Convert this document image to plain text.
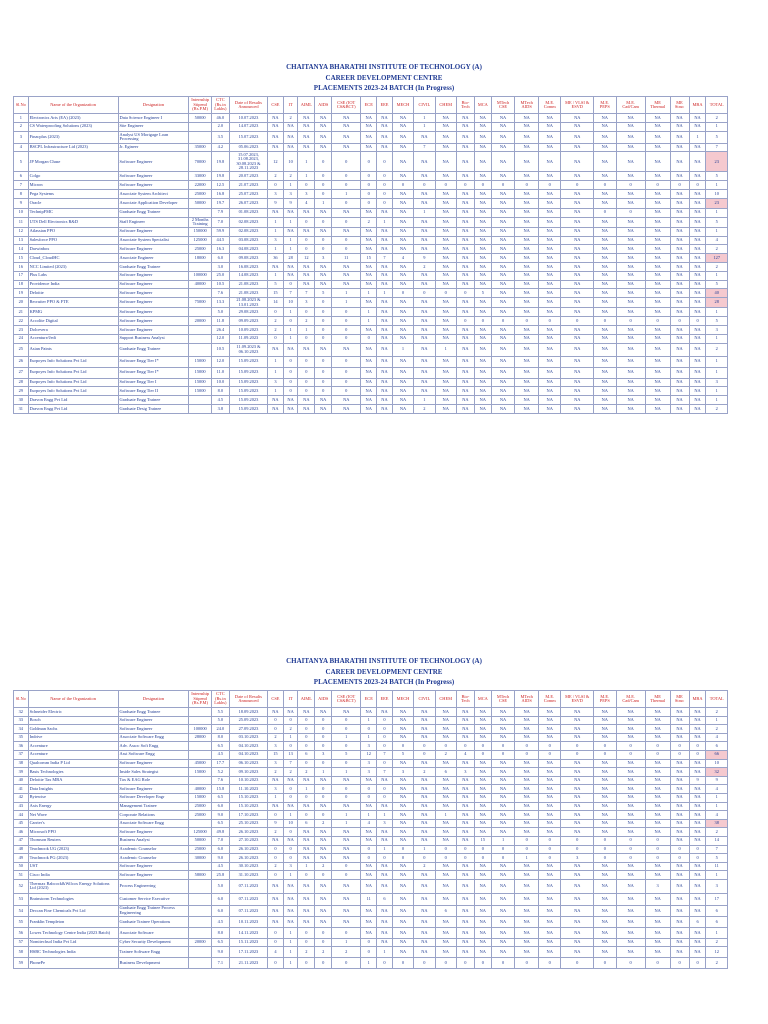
CHAITANYA BHARATHI INSTITUTE OF TECHNOLOGY (A)
CAREER DEVELOPMENT CENTRE
PLACEMENTS 2023-24 BATCH (In Progress)
Sl.No	Name of the Organization	Designation	Internship Stipend (Rs.P.M)	CTC (Rs.in Lakhs)	Date of Results Announced	CSE	IT	AIML	AIDS	CSE (IOT CS&BCT)	ECE	EEE	MECH	CIVIL	CHEM	Bio-Tech	MCA	MTech CSE	MTech AIDS	M.E. Comm	ME / VLSI & ESVD	M.E. PEPS	M.E. Cad/Cam	ME Thermal	ME Struc	MBA	TOTAL
1	Electronics Arts (EA) (2023)	Data Science Engineer I	50000	46.0	10.07.2023	NA	2	NA	NA	NA	NA	NA	NA	1	NA	NA	NA	NA	NA	NA	NA	NA	NA	NA	NA	NA	2
2	CS Waterproofing Solutions (2023)	Site Engineer		2.0	14.07.2023	NA	NA	NA	NA	NA	NA	NA	NA	1	NA	NA	NA	NA	NA	NA	NA	NA	NA	NA	NA	NA	1
3	Finacplus (2023)	Analyst US Mortgage Loan Processing		3.5	15.07.2023	NA	NA	NA	NA	NA	NA	NA	NA	NA	NA	NA	NA	NA	NA	NA	NA	NA	NA	NA	NA	1	5
4	BSCPL Infrastructure Ltd (2023)	Jr. Egineer	35000	4.2	05.06.2023	NA	NA	NA	NA	NA	NA	NA	NA	7	NA	NA	NA	NA	NA	NA	NA	NA	NA	NA	NA	NA	7
5	JP Morgan Chase	Software Engineer	70000	19.8	15.07.2023, 31.08.2023, 30.08.2023 & 28.11.2023	12	10	1	0	0	0	0	NA	NA	NA	NA	NA	NA	NA	NA	NA	NA	NA	NA	NA	NA	23
6	Colgo	Software Engineer	33000	19.8	20.07.2023	2	2	1	0	0	0	0	NA	NA	NA	NA	NA	NA	NA	NA	NA	NA	NA	NA	NA	NA	5
7	Micron	Software Engineer	22000	12.5	21.07.2023	0	1	0	0	0	0	0	0	0	0	0	0	0	0	0	0	0	0	0	0	0	1
8	Pega Systems	Associate System Architect	25000	16.8	25.07.2023	3	3	3	0	1	0	0	NA	NA	NA	NA	NA	NA	NA	NA	NA	NA	NA	NA	NA	NA	10
9	Oracle	Associate Application Developer	50000	19.7	26.07.2023	9	9	4	1	0	0	0	NA	NA	NA	NA	NA	NA	NA	NA	NA	NA	NA	NA	NA	NA	23
10	TechnipFMC	Graduate Engg Trainee		7.9	01.08.2023	NA	NA	NA	NA	NA	NA	NA	NA	1	NA	NA	NA	NA	NA	NA	NA	0	0	NA	NA	NA	1
11	UTS Dell Electronics R&D	Staff Engineer	2 Months Training	7.0	02.08.2023	1	1	0	0	0	2	1	NA	NA	NA	NA	NA	NA	NA	NA	NA	NA	NA	NA	NA	NA	5
12	Atlassian PPO	Software Engineer	150000	59.9	02.08.2023	1	NA	NA	NA	NA	NA	NA	NA	NA	NA	NA	NA	NA	NA	NA	NA	NA	NA	NA	NA	NA	1
13	Salesforce PPO	Associate System Specialist	125000	44.5	03.08.2023	3	1	0	0	0	NA	NA	NA	NA	NA	NA	NA	NA	NA	NA	NA	NA	NA	NA	NA	NA	4
14	Darwinbox	Software Engineer	25000	16.3	04.08.2023	1	1	0	0	0	NA	NA	NA	NA	NA	NA	NA	NA	NA	NA	NA	NA	NA	NA	NA	NA	2
15	Cloud_CloudHC	Associate Engineer	18000	6.0	09.08.2023	36	28	12	3	11	15	7	4	9	NA	NA	NA	NA	NA	NA	NA	NA	NA	NA	NA	NA	127
16	NCC Limited (2023)	Graduate Engg Trainee		3.0	16.08.2023	NA	NA	NA	NA	NA	NA	NA	NA	2	NA	NA	NA	NA	NA	NA	NA	NA	NA	NA	NA	NA	2
17	Plus Labs	Software Engineer	100000	25.0	14.08.2023	1	NA	NA	NA	NA	NA	NA	NA	NA	NA	NA	NA	NA	NA	NA	NA	NA	NA	NA	NA	NA	1
18	Providence India	Software Engineer	40000	10.5	21.08.2023	5	0	NA	NA	NA	NA	NA	NA	NA	NA	NA	NA	NA	NA	NA	NA	NA	NA	NA	NA	NA	5
19	Deloitte	Software Engineer		7.6	21.08.2023	15	7	7	5	1	1	1	0	0	0	0	5	NA	NA	NA	NA	NA	NA	NA	NA	NA	40
20	Recruiter PPO & FTE	Software Engineer	75000	13.3	21.08.2023 & 13.01.2023	14	10	3	0	1	NA	NA	NA	NA	NA	NA	NA	NA	NA	NA	NA	NA	NA	NA	NA	NA	28
21	KPMG	Software Engineer		5.0	29.08.2023	0	1	0	0	0	1	NA	NA	NA	NA	NA	NA	NA	NA	NA	NA	NA	NA	NA	NA	NA	1
22	Accolite Digital	Software Engineer	20000	11.8	09.09.2023	2	0	2	0	0	1	NA	NA	NA	NA	0	0	0	0	0	0	0	0	0	0	0	5
23	Dolcevera	Software Engineer		26.4	10.09.2023	2	1	1	0	0	NA	NA	NA	NA	NA	NA	NA	NA	NA	NA	NA	NA	NA	NA	NA	NA	3
24	Accenture/Jedi	Support Business Analyst		12.0	11.09.2023	0	1	0	0	0	0	NA	NA	NA	NA	NA	NA	NA	NA	NA	NA	NA	NA	NA	NA	NA	1
25	Asian Paints	Graduate Engg Trainee		10.5	11.09.2023 & 06.10.2023	NA	NA	NA	NA	NA	NA	NA	1	NA	1	NA	NA	NA	NA	NA	NA	NA	NA	NA	NA	NA	2
26	Eurpoyes Info Solutions Pvt Ltd	Software Engg Tier I*	15000	12.0	15.09.2023	1	0	0	0	0	NA	NA	NA	NA	NA	NA	NA	NA	NA	NA	NA	NA	NA	NA	NA	NA	1
27	Eurpoyes Info Solutions Pvt Ltd	Software Engg Tier I*	15000	11.0	15.09.2023	1	0	0	0	0	NA	NA	NA	NA	NA	NA	NA	NA	NA	NA	NA	NA	NA	NA	NA	NA	1
28	Eurpoyes Info Solutions Pvt Ltd	Software Engg Tier I	15000	10.0	15.09.2023	3	0	0	0	0	NA	NA	NA	NA	NA	NA	NA	NA	NA	NA	NA	NA	NA	NA	NA	NA	3
29	Eurpoyes Info Solutions Pvt Ltd	Software Engg Tier II	15000	8.0	15.09.2023	1	0	0	0	0	NA	NA	NA	NA	NA	NA	NA	NA	NA	NA	NA	NA	NA	NA	NA	NA	1
30	Dravon Engg Pvt Ltd	Graduate Engg Trainee		4.5	15.09.2023	NA	NA	NA	NA	NA	NA	NA	NA	1	NA	NA	NA	NA	NA	NA	NA	NA	NA	NA	NA	NA	1
31	Dravon Engg Pvt Ltd	Graduate Desig Trainee		3.8	15.09.2023	NA	NA	NA	NA	NA	NA	NA	NA	2	NA	NA	NA	NA	NA	NA	NA	NA	NA	NA	NA	NA	2
CHAITANYA BHARATHI INSTITUTE OF TECHNOLOGY (A)
CAREER DEVELOPMENT CENTRE
PLACEMENTS 2023-24 BATCH (In Progress)
Sl.No	Name of the Organization	Designation	Internship Stipend (Rs.P.M)	CTC (Rs.in Lakhs)	Date of Results Announced	CSE	IT	AIML	AIDS	CSE (IOT CS&BCT)	ECE	EEE	MECH	CIVIL	CHEM	Bio-Tech	MCA	MTech CSE	MTech AIDS	M.E. Comm	ME / VLSI & ESVD	M.E. PEPS	M.E. Cad/Cam	ME Thermal	ME Struc	MBA	TOTAL
32	Schneider Electric	Graduate Engg Trainee		5.5	18.09.2023	NA	NA	NA	NA	NA	NA	NA	NA	NA	NA	NA	NA	NA	NA	NA	NA	NA	NA	NA	NA	NA	2
33	Bosch	Software Engineer		5.0	25.09.2023	0	0	0	0	0	1	0	NA	NA	NA	NA	NA	NA	NA	NA	NA	NA	NA	NA	NA	NA	1
34	Goldman Sachs	Software Engineer	100000	24.0	27.09.2023	0	2	0	0	0	0	0	NA	NA	NA	NA	NA	NA	NA	NA	NA	NA	NA	NA	NA	NA	2
35	Indrive	Associate Software Engg	28000	8.0	03.10.2023	2	1	0	0	1	1	0	NA	NA	NA	NA	NA	NA	NA	NA	NA	NA	NA	NA	NA	NA	4
36	Accenture	Adv. Assoc Soft Engg		6.5	04.10.2023	3	0	0	0	0	3	0	0	0	0	0	0	0	0	0	0	0	0	0	0	0	6
37	Accenture	Asst Software Engg		4.5	04.10.2023	15	13	6	3	5	12	7	5	0	2	4	0	0	0	0	0	0	0	0	0	0	66
38	Qualcomm India P Ltd	Software Engineer	45000	17.7	06.10.2023	3	7	0	0	0	3	0	NA	NA	NA	NA	NA	NA	NA	NA	NA	NA	NA	NA	NA	NA	10
39	Basis Technologies	Inside Sales Strategist	15000	5.2	09.10.2023	2	2	2	1	1	3	7	3	2	6	3	NA	NA	NA	NA	NA	NA	NA	NA	NA	NA	32
40	Deloitte Tax MBA	Tax & EAG Role		7.6	10.10.2023	NA	NA	NA	NA	NA	NA	NA	NA	NA	NA	NA	NA	NA	NA	NA	NA	NA	NA	NA	NA	9	9
41	Data Insights	Software Engineer	40000	15.8	11.10.2023	3	0	1	0	0	0	0	NA	NA	NA	NA	NA	NA	NA	NA	NA	NA	NA	NA	NA	NA	4
42	Bytewise	Software Developer Engr	15000	6.5	15.10.2023	1	0	0	0	0	0	0	NA	NA	NA	NA	NA	NA	NA	NA	NA	NA	NA	NA	NA	NA	1
43	Axis Energy	Management Trainee	25000	6.0	15.10.2023	NA	NA	NA	NA	NA	NA	NA	NA	NA	NA	NA	NA	NA	NA	NA	NA	NA	NA	NA	NA	NA	1
44	Net Wave	Corporate Relations	25000	9.0	17.10.2023	0	1	0	0	1	1	1	NA	NA	1	NA	NA	NA	NA	NA	NA	NA	NA	NA	NA	NA	4
45	Carrier's	Associate Software Engg		6.5	25.10.2023	9	10	6	2	1	4	3	NA	NA	NA	NA	NA	NA	NA	NA	NA	NA	NA	NA	NA	NA	38
46	Microsoft PPO	Software Engineer	125000	49.8	26.10.2023	2	0	NA	NA	NA	NA	NA	NA	NA	NA	NA	NA	NA	NA	NA	NA	NA	NA	NA	NA	NA	2
47	Thomson Reuters	Business Analyst	50000	7.0	27.10.2023	NA	NA	NA	NA	NA	NA	NA	NA	NA	NA	NA	15	1	0	0	0	0	0	0	NA	NA	14
48	Teachnook UG (2023)	Academic Counselor	25000	6.0	26.10.2023	0	0	NA	NA	NA	0	1	0	1	0	0	0	0	0	0	0	0	0	0	0	0	7
49	Teachnook PG (2023)	Academic Counselor	30000	9.0	26.10.2023	0	0	NA	NA	NA	0	0	0	0	0	0	0	0	1	0	3	0	0	0	0	0	5
50	UST	Software Engineer		4.5	30.10.2023	2	3	1	2	0	NA	NA	NA	2	NA	NA	NA	NA	NA	NA	NA	NA	NA	NA	NA	NA	11
51	Cisco India	Software Engineer	58000	25.8	31.10.2023	0	1	0	0	0	NA	NA	NA	NA	NA	NA	NA	NA	NA	NA	NA	NA	NA	NA	NA	NA	1
52	Thermax Babcock&Wilcox Energy Solutions Ltd (2023)	Process Engineering		5.0	07.11.2023	NA	NA	NA	NA	NA	NA	NA	NA	NA	NA	NA	NA	NA	NA	NA	NA	NA	NA	3	NA	NA	3
53	Brainstorm Technologies	Customer Service Executive		6.0	07.11.2023	NA	NA	NA	NA	NA	11	6	NA	NA	NA	NA	NA	NA	NA	NA	NA	NA	NA	NA	NA	NA	17
54	Deccan Fine Chemicals Pvt Ltd	Graduate Engg Trainee Process Engineering		6.0	07.11.2023	NA	NA	NA	NA	NA	NA	NA	NA	NA	6	NA	NA	NA	NA	NA	NA	NA	NA	NA	NA	NA	6
55	Franklin Templeton	Graduate Trainee Operations		4.5	10.11.2023	NA	NA	NA	NA	NA	NA	NA	NA	NA	NA	NA	NA	NA	NA	NA	NA	NA	NA	NA	NA	6	6
56	Lowes Technology Centre India (2023 Batch)	Associate Software		8.0	14.11.2023	0	1	0	0	0	NA	NA	NA	NA	NA	NA	NA	NA	NA	NA	NA	NA	NA	NA	NA	NA	1
57	Nomitechsol India Pvt Ltd	Cyber Security Development	20000	6.5	15.11.2023	0	1	0	0	1	0	NA	NA	NA	NA	NA	NA	NA	NA	NA	NA	NA	NA	NA	NA	NA	2
58	HSBC Technologies India	Trainee Software Engg		9.0	17.11.2023	4	1	2	2	2	0	1	NA	NA	NA	NA	NA	NA	NA	NA	NA	NA	NA	NA	NA	NA	12
59	PhonePe	Business Development		7.1	21.11.2023	0	1	0	0	0	1	0	0	0	0	0	0	0	0	0	0	0	0	0	0	0	2
